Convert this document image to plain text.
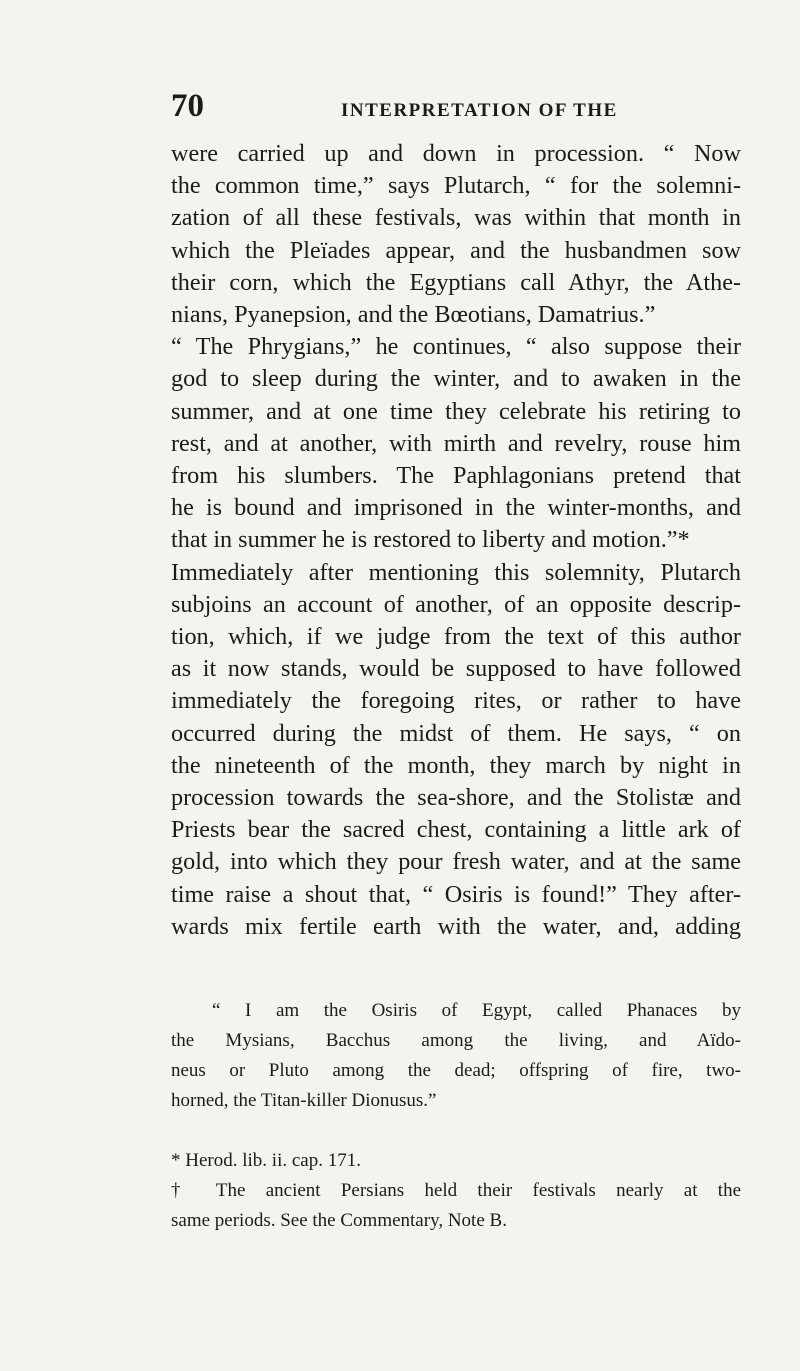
70	INTERPRETATION OF THE
were carried up and down in procession. “ Now
the common time,” says Plutarch, “ for the solemni-
zation of all these festivals, was within that month in
which the Pleïades appear, and the husbandmen sow
their corn, which the Egyptians call Athyr, the Athe-
nians, Pyanepsion, and the Bœotians, Damatrius.”
“ The Phrygians,” he continues, “ also suppose their
god to sleep during the winter, and to awaken in the
summer, and at one time they celebrate his retiring to
rest, and at another, with mirth and revelry, rouse him
from his slumbers. The Paphlagonians pretend that
he is bound and imprisoned in the winter-months, and
that in summer he is restored to liberty and motion.”*
Immediately after mentioning this solemnity, Plutarch
subjoins an account of another, of an opposite descrip-
tion, which, if we judge from the text of this author
as it now stands, would be supposed to have followed
immediately the foregoing rites, or rather to have
occurred during the midst of them. He says, “ on
the nineteenth of the month, they march by night in
procession towards the sea-shore, and the Stolistæ and
Priests bear the sacred chest, containing a little ark of
gold, into which they pour fresh water, and at the same
time raise a shout that, “ Osiris is found!” They after-
wards mix fertile earth with the water, and, adding
“ I am the Osiris of Egypt, called Phanaces by
the Mysians, Bacchus among the living, and Aïdo-
neus or Pluto among the dead; offspring of fire, two-
horned, the Titan-killer Dionusus.”
* Herod. lib. ii. cap. 171.
† The ancient Persians held their festivals nearly at the
same periods. See the Commentary, Note B.
